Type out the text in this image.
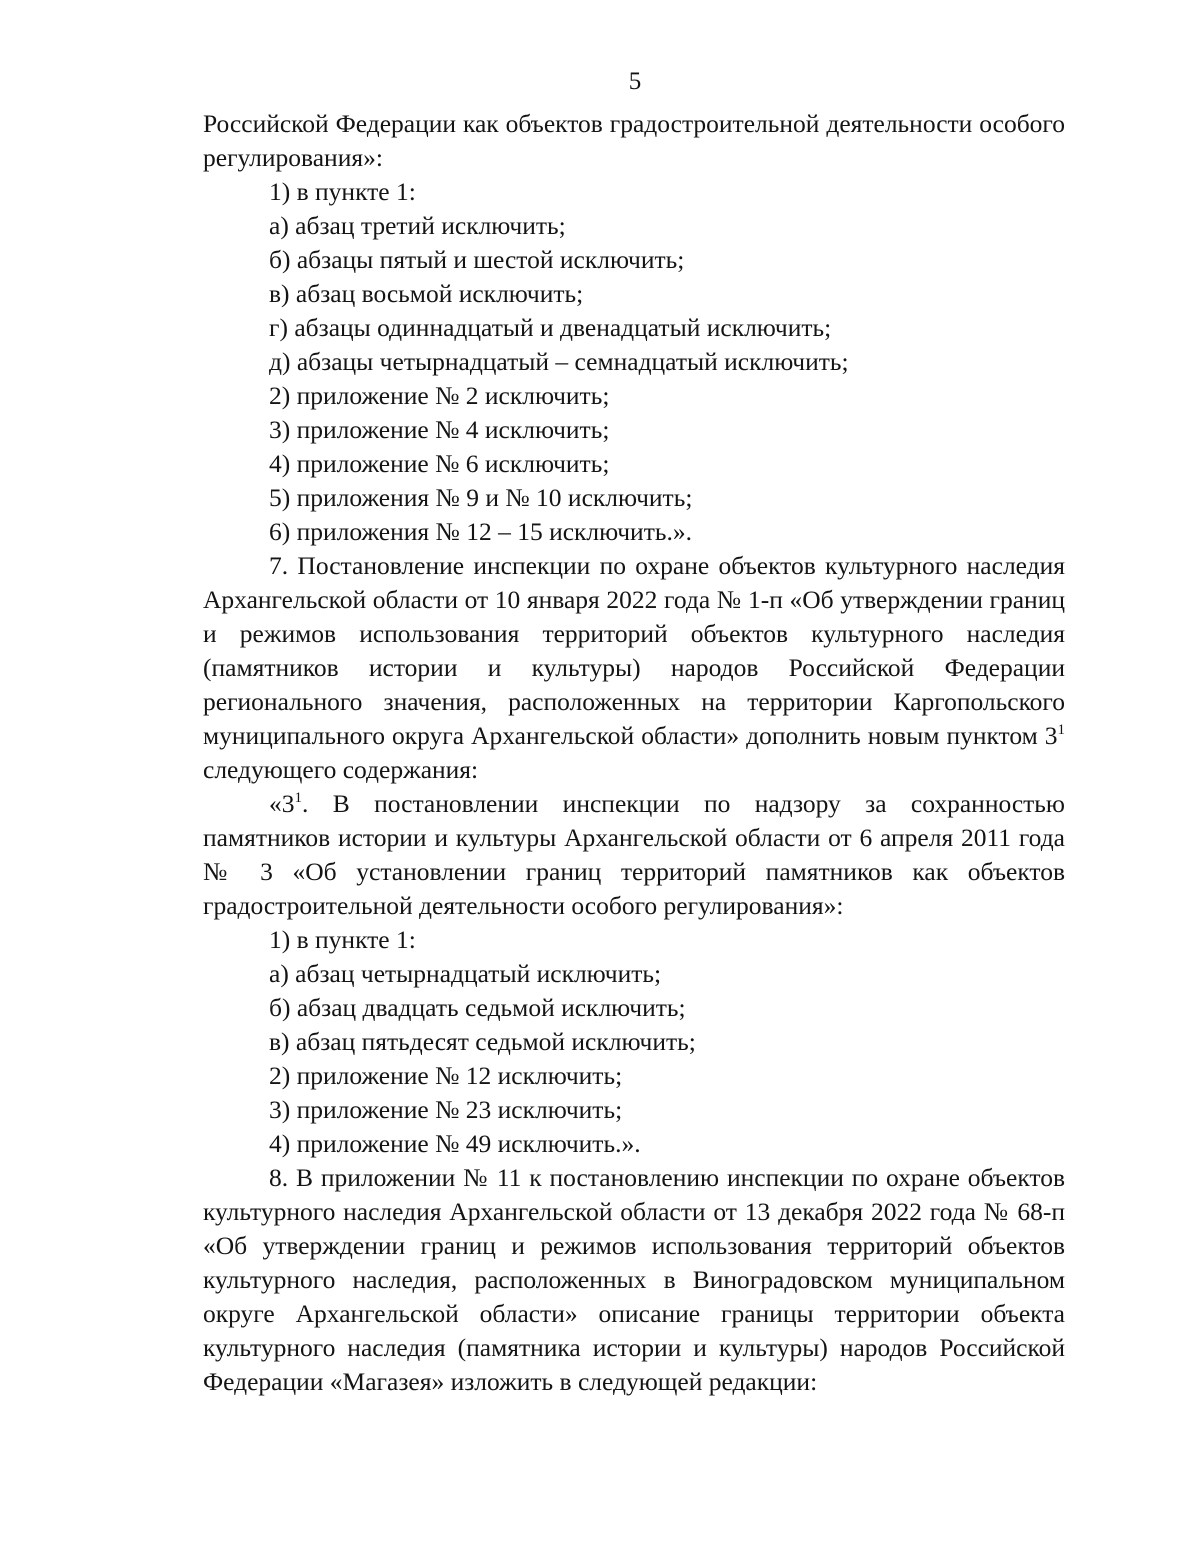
5

Российской Федерации как объектов градостроительной деятельности особого регулирования»:

1) в пункте 1:

а) абзац третий исключить;

б) абзацы пятый и шестой исключить;

в) абзац восьмой исключить;

г) абзацы одиннадцатый и двенадцатый исключить;

д) абзацы четырнадцатый – семнадцатый исключить;

2) приложение № 2 исключить;

3) приложение № 4 исключить;

4) приложение № 6 исключить;

5) приложения № 9 и № 10 исключить;

6) приложения № 12 – 15 исключить.».

7. Постановление инспекции по охране объектов культурного наследия Архангельской области от 10 января 2022 года № 1-п «Об утверждении границ и режимов использования территорий объектов культурного наследия (памятников истории и культуры) народов Российской Федерации регионального значения, расположенных на территории Каргопольского муниципального округа Архангельской области» дополнить новым пунктом $3^1$ следующего содержания:

«$3^1$. В постановлении инспекции по надзору за сохранностью памятников истории и культуры Архангельской области от 6 апреля 2011 года № 3 «Об установлении границ территорий памятников как объектов градостроительной деятельности особого регулирования»:

1) в пункте 1:

а) абзац четырнадцатый исключить;

б) абзац двадцать седьмой исключить;

в) абзац пятьдесят седьмой исключить;

2) приложение № 12 исключить;

3) приложение № 23 исключить;

4) приложение № 49 исключить.».

8. В приложении № 11 к постановлению инспекции по охране объектов культурного наследия Архангельской области от 13 декабря 2022 года № 68-п «Об утверждении границ и режимов использования территорий объектов культурного наследия, расположенных в Виноградовском муниципальном округе Архангельской области» описание границы территории объекта культурного наследия (памятника истории и культуры) народов Российской Федерации «Магазея» изложить в следующей редакции:
